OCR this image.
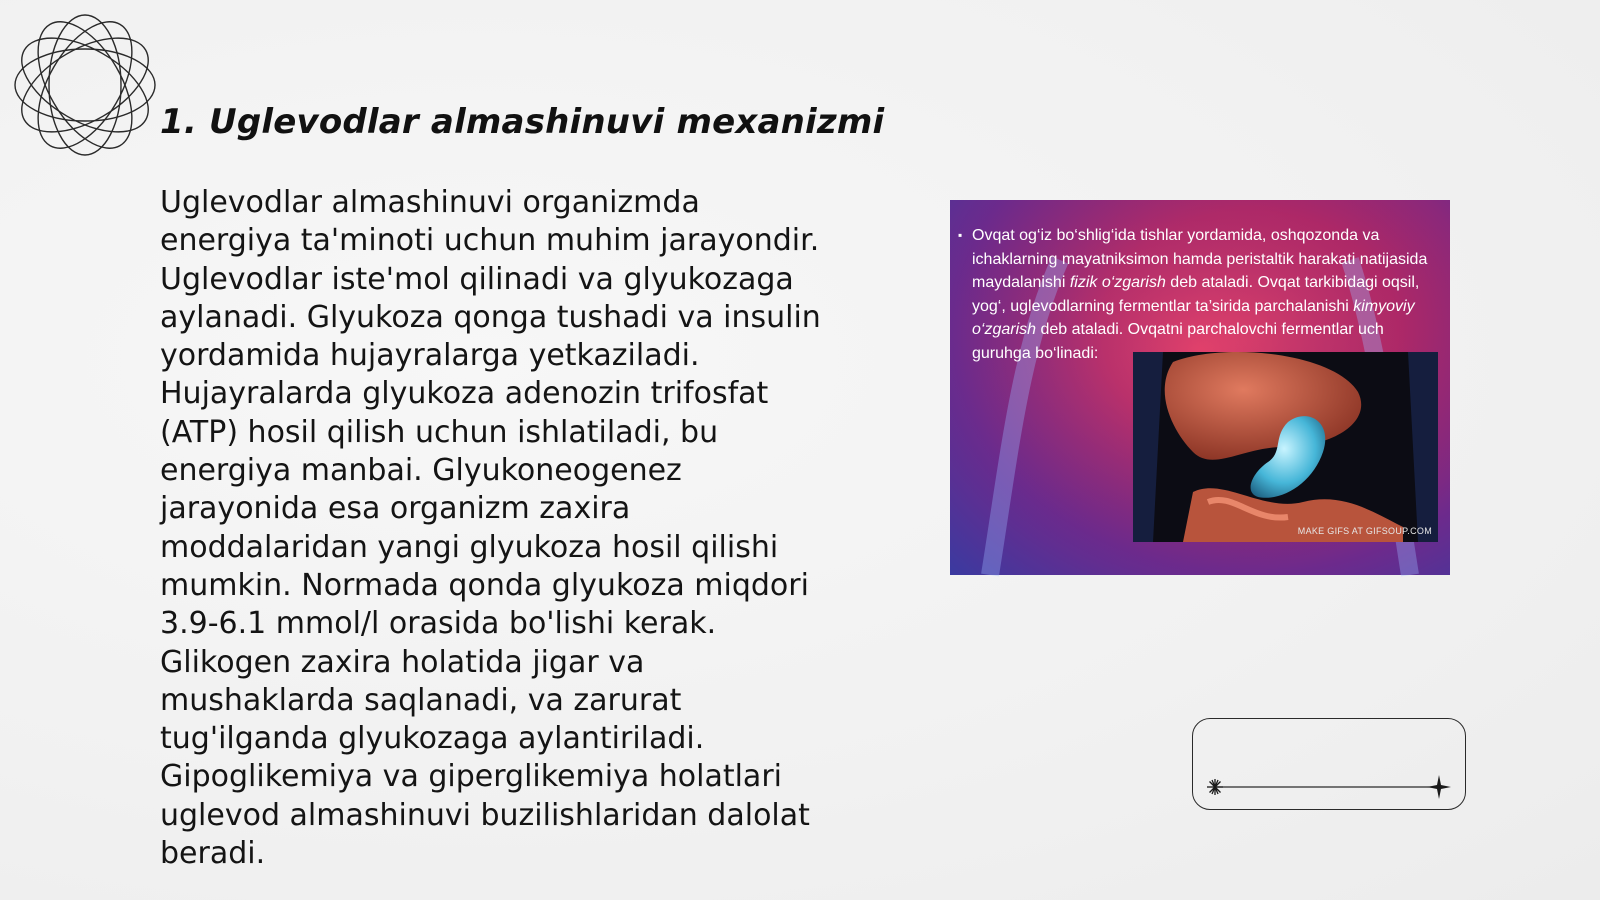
1. Uglevodlar almashinuvi mexanizmi

Uglevodlar almashinuvi organizmda energiya ta'minoti uchun muhim jarayondir. Uglevodlar iste'mol qilinadi va glyukozaga aylanadi. Glyukoza qonga tushadi va insulin yordamida hujayralarga yetkaziladi. Hujayralarda glyukoza adenozin trifosfat (ATP) hosil qilish uchun ishlatiladi, bu energiya manbai. Glyukoneogenez jarayonida esa organizm zaxira moddalaridan yangi glyukoza hosil qilishi mumkin. Normada qonda glyukoza miqdori 3.9-6.1 mmol/l orasida bo'lishi kerak. Glikogen zaxira holatida jigar va mushaklarda saqlanadi, va zarurat tug'ilganda glyukozaga aylantiriladi. Gipoglikemiya va giperglikemiya holatlari uglevod almashinuvi buzilishlaridan dalolat beradi.

▪ Ovqat og‘iz bo‘shlig‘ida tishlar yordamida, oshqozonda va ichaklarning mayatniksimon hamda peristaltik harakati natijasida maydalanishi fizik o‘zgarish deb ataladi. Ovqat tarkibidagi oqsil, yog‘, uglevodlarning fermentlar ta’sirida parchalanishi kimyoviy o‘zgarish deb ataladi. Ovqatni parchalovchi fermentlar uch guruhga bo‘linadi:

MAKE GIFS AT GIFSOUP.COM
